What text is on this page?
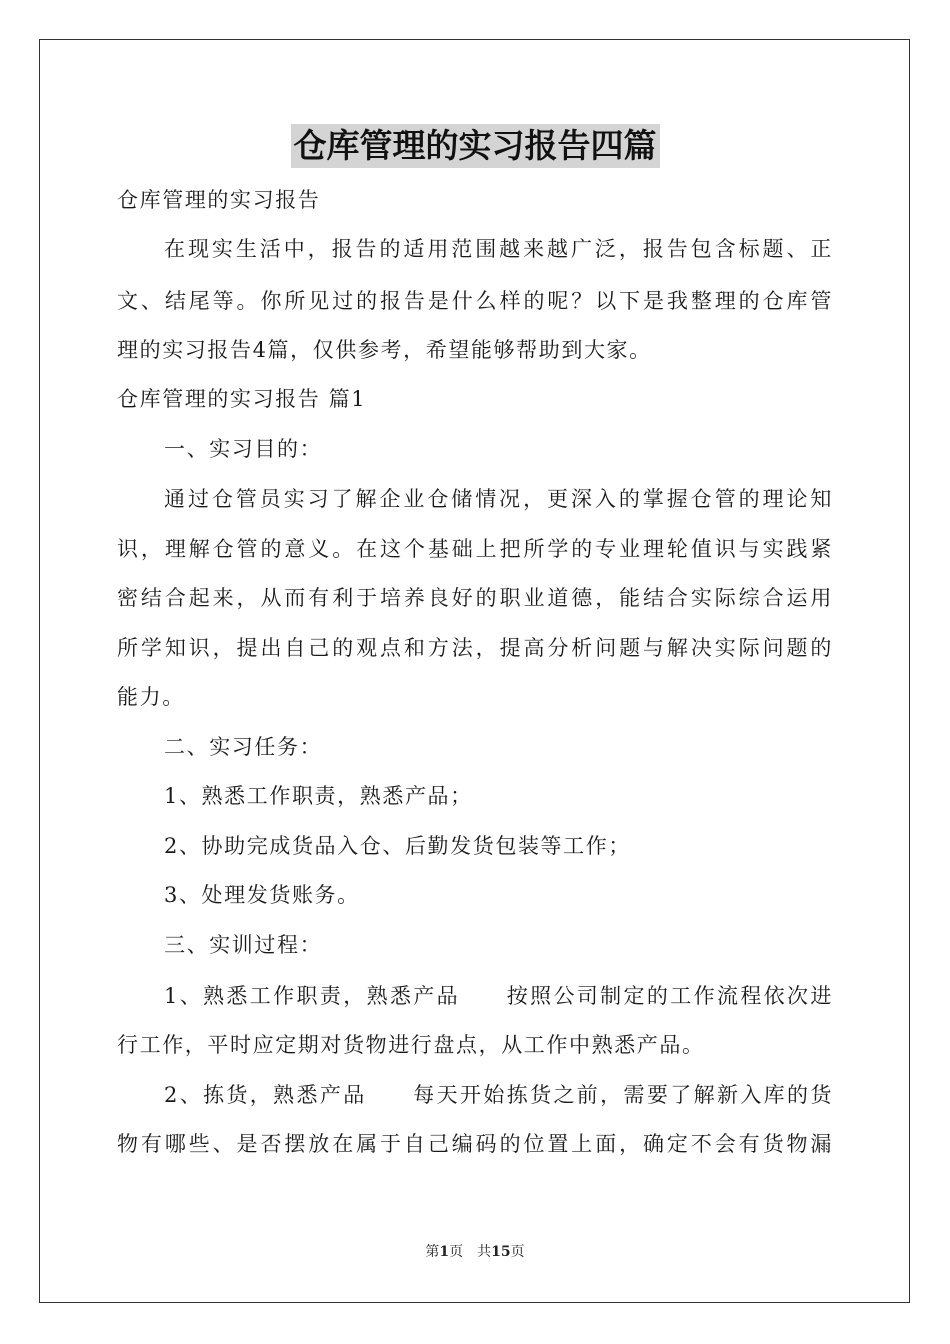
仓库管理的实习报告四篇
仓库管理的实习报告
在现实生活中，报告的适用范围越来越广泛，报告包含标题、正
文、结尾等。你所见过的报告是什么样的呢？以下是我整理的仓库管
理的实习报告4篇，仅供参考，希望能够帮助到大家。
仓库管理的实习报告 篇1
一、实习目的：
通过仓管员实习了解企业仓储情况，更深入的掌握仓管的理论知
识，理解仓管的意义。在这个基础上把所学的专业理轮值识与实践紧
密结合起来，从而有利于培养良好的职业道德，能结合实际综合运用
所学知识，提出自己的观点和方法，提高分析问题与解决实际问题的
能力。
二、实习任务：
1、熟悉工作职责，熟悉产品；
2、协助完成货品入仓、后勤发货包装等工作；
3、处理发货账务。
三、实训过程：
1、熟悉工作职责，熟悉产品　　按照公司制定的工作流程依次进
行工作，平时应定期对货物进行盘点，从工作中熟悉产品。
2、拣货，熟悉产品　　每天开始拣货之前，需要了解新入库的货
物有哪些、是否摆放在属于自己编码的位置上面，确定不会有货物漏
第1页 共15页
